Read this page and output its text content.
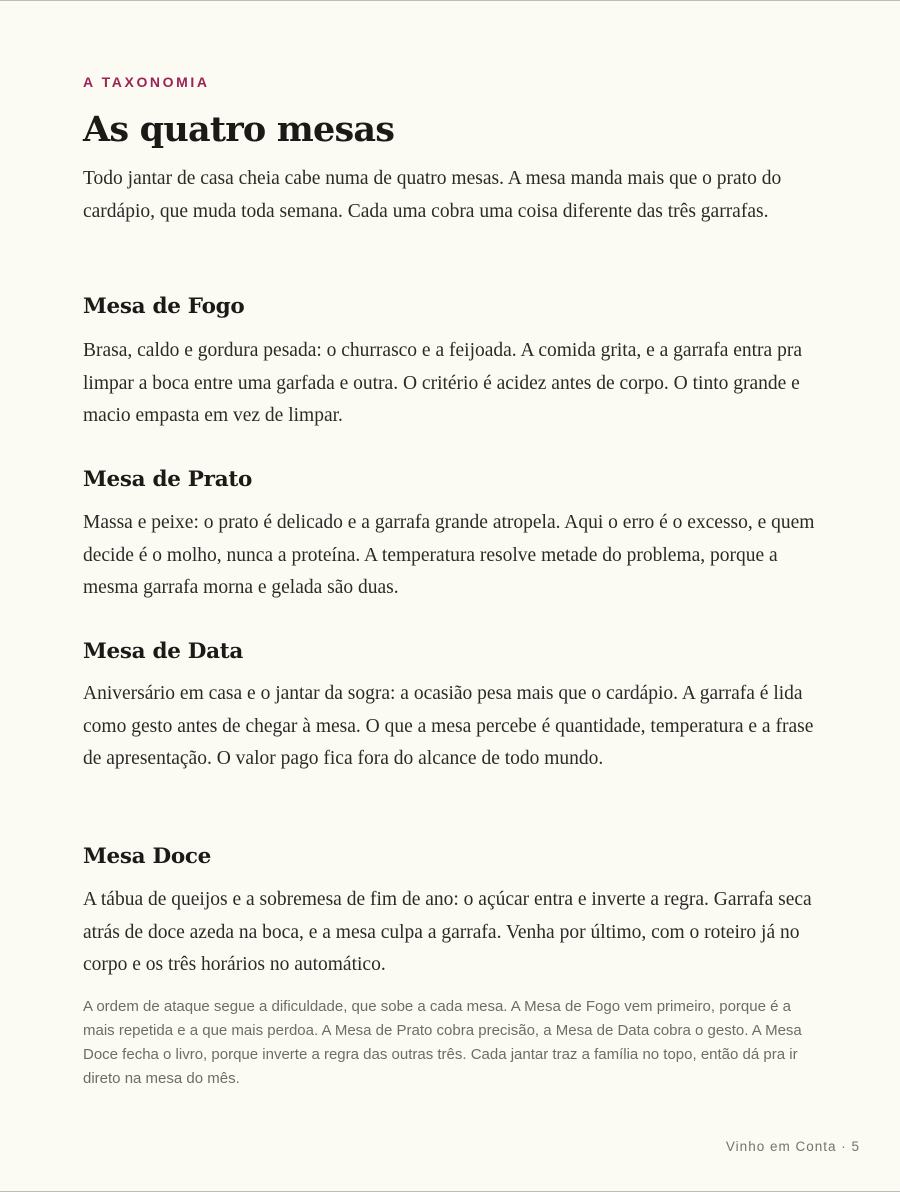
A TAXONOMIA
As quatro mesas

Todo jantar de casa cheia cabe numa de quatro mesas. A mesa manda mais que o prato do cardápio, que muda toda semana. Cada uma cobra uma coisa diferente das três garrafas.

Mesa de Fogo

Brasa, caldo e gordura pesada: o churrasco e a feijoada. A comida grita, e a garrafa entra pra limpar a boca entre uma garfada e outra. O critério é acidez antes de corpo. O tinto grande e macio empasta em vez de limpar.

Mesa de Prato

Massa e peixe: o prato é delicado e a garrafa grande atropela. Aqui o erro é o excesso, e quem decide é o molho, nunca a proteína. A temperatura resolve metade do problema, porque a mesma garrafa morna e gelada são duas.

Mesa de Data

Aniversário em casa e o jantar da sogra: a ocasião pesa mais que o cardápio. A garrafa é lida como gesto antes de chegar à mesa. O que a mesa percebe é quantidade, temperatura e a frase de apresentação. O valor pago fica fora do alcance de todo mundo.

Mesa Doce

A tábua de queijos e a sobremesa de fim de ano: o açúcar entra e inverte a regra. Garrafa seca atrás de doce azeda na boca, e a mesa culpa a garrafa. Venha por último, com o roteiro já no corpo e os três horários no automático.

A ordem de ataque segue a dificuldade, que sobe a cada mesa. A Mesa de Fogo vem primeiro, porque é a mais repetida e a que mais perdoa. A Mesa de Prato cobra precisão, a Mesa de Data cobra o gesto. A Mesa Doce fecha o livro, porque inverte a regra das outras três. Cada jantar traz a família no topo, então dá pra ir direto na mesa do mês.

Vinho em Conta · 5
